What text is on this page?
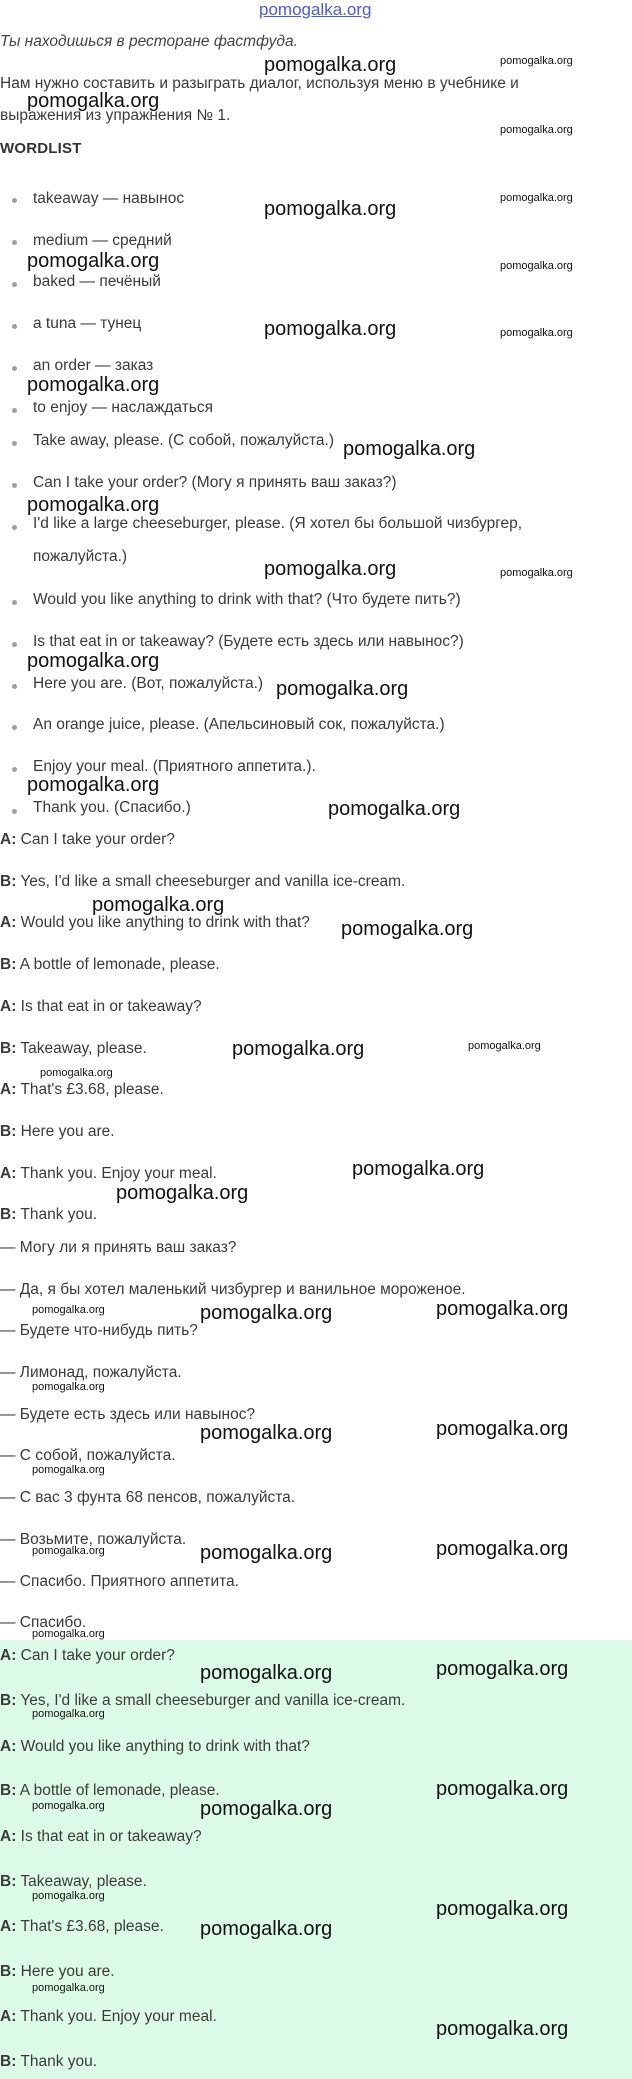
pomogalka.org
Ты находишься в ресторане фастфуда.
Нам нужно составить и разыграть диалог, используя меню в учебнике и
выражения из упражнения № 1.
WORDLIST
takeaway — навынос
medium — средний
baked — печёный
a tuna — тунец
an order — заказ
to enjoy — наслаждаться
Take away, please. (С собой, пожалуйста.)
Can I take your order? (Могу я принять ваш заказ?)
I'd like a large cheeseburger, please. (Я хотел бы большой чизбургер,
пожалуйста.)
Would you like anything to drink with that? (Что будете пить?)
Is that eat in or takeaway? (Будете есть здесь или навынос?)
Here you are. (Вот, пожалуйста.)
An orange juice, please. (Апельсиновый сок, пожалуйста.)
Enjoy your meal. (Приятного аппетита.).
Thank you. (Спасибо.)
A: Can I take your order?
B: Yes, I'd like a small cheeseburger and vanilla ice-cream.
A: Would you like anything to drink with that?
B: A bottle of lemonade, please.
A: Is that eat in or takeaway?
B: Takeaway, please.
A: That's £3.68, please.
B: Here you are.
A: Thank you. Enjoy your meal.
B: Thank you.
— Могу ли я принять ваш заказ?
— Да, я бы хотел маленький чизбургер и ванильное мороженое.
— Будете что-нибудь пить?
— Лимонад, пожалуйста.
— Будете есть здесь или навынос?
— С собой, пожалуйста.
— С вас 3 фунта 68 пенсов, пожалуйста.
— Возьмите, пожалуйста.
— Спасибо. Приятного аппетита.
— Спасибо.
A: Can I take your order?
B: Yes, I'd like a small cheeseburger and vanilla ice-cream.
A: Would you like anything to drink with that?
B: A bottle of lemonade, please.
A: Is that eat in or takeaway?
B: Takeaway, please.
A: That's £3.68, please.
B: Here you are.
A: Thank you. Enjoy your meal.
B: Thank you.
pomogalka.org	pomogalka.org
pomogalka.org
pomogalka.org
pomogalka.org	pomogalka.org
pomogalka.org	pomogalka.org
pomogalka.org	pomogalka.org
pomogalka.org
pomogalka.org
pomogalka.org
pomogalka.org	pomogalka.org
pomogalka.org
pomogalka.org
pomogalka.org
pomogalka.org
pomogalka.org
pomogalka.org
pomogalka.org	pomogalka.org
pomogalka.org
pomogalka.org
pomogalka.org
pomogalka.org	pomogalka.org
pomogalka.org
pomogalka.org
pomogalka.org	pomogalka.org
pomogalka.org
pomogalka.org	pomogalka.org	pomogalka.org
pomogalka.org
pomogalka.org	pomogalka.org
pomogalka.org
pomogalka.org
pomogalka.org	pomogalka.org
pomogalka.org
pomogalka.org
pomogalka.org
pomogalka.org
pomogalka.org
